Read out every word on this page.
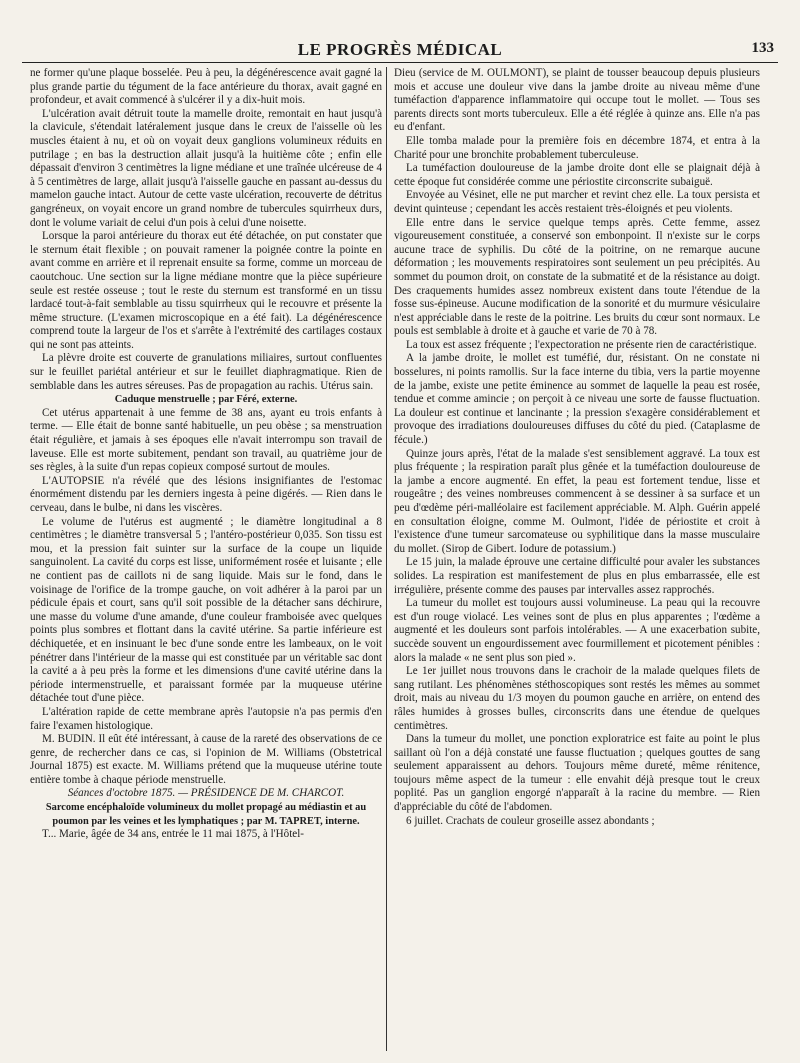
LE PROGRÈS MÉDICAL	133

ne former qu'une plaque bosselée. Peu à peu, la dégénérescence avait gagné la plus grande partie du tégument de la face antérieure du thorax, avait gagné en profondeur, et avait commencé à s'ulcérer il y a dix-huit mois.

L'ulcération avait détruit toute la mamelle droite, remontait en haut jusqu'à la clavicule, s'étendait latéralement jusque dans le creux de l'aisselle où les muscles étaient à nu, et où on voyait deux ganglions volumineux réduits en putrilage ; en bas la destruction allait jusqu'à la huitième côte ; enfin elle dépassait d'environ 3 centimètres la ligne médiane et une traînée ulcéreuse de 4 à 5 centimètres de large, allait jusqu'à l'aisselle gauche en passant au-dessus du mamelon gauche intact. Autour de cette vaste ulcération, recouverte de détritus gangréneux, on voyait encore un grand nombre de tubercules squirrheux durs, dont le volume variait de celui d'un pois à celui d'une noisette.

Lorsque la paroi antérieure du thorax eut été détachée, on put constater que le sternum était flexible ; on pouvait ramener la poignée contre la pointe en avant comme en arrière et il reprenait ensuite sa forme, comme un morceau de caoutchouc. Une section sur la ligne médiane montre que la pièce supérieure seule est restée osseuse ; tout le reste du sternum est transformé en un tissu lardacé tout-à-fait semblable au tissu squirrheux qui le recouvre et présente la même structure. (L'examen microscopique en a été fait). La dégénérescence comprend toute la largeur de l'os et s'arrête à l'extrémité des cartilages costaux qui ne sont pas atteints.

La plèvre droite est couverte de granulations miliaires, surtout confluentes sur le feuillet pariétal antérieur et sur le feuillet diaphragmatique. Rien de semblable dans les autres séreuses. Pas de propagation au rachis. Utérus sain.

Caduque menstruelle ; par Féré, externe.

Cet utérus appartenait à une femme de 38 ans, ayant eu trois enfants à terme. — Elle était de bonne santé habituelle, un peu obèse ; sa menstruation était régulière, et jamais à ses époques elle n'avait interrompu son travail de laveuse. Elle est morte subitement, pendant son travail, au quatrième jour de ses règles, à la suite d'un repas copieux composé surtout de moules.

L'AUTOPSIE n'a révélé que des lésions insignifiantes de l'estomac énormément distendu par les derniers ingesta à peine digérés. — Rien dans le cerveau, dans le bulbe, ni dans les viscères.

Le volume de l'utérus est augmenté ; le diamètre longitudinal a 8 centimètres ; le diamètre transversal 5 ; l'antéro-postérieur 0,035. Son tissu est mou, et la pression fait suinter sur la surface de la coupe un liquide sanguinolent. La cavité du corps est lisse, uniformément rosée et luisante ; elle ne contient pas de caillots ni de sang liquide. Mais sur le fond, dans le voisinage de l'orifice de la trompe gauche, on voit adhérer à la paroi par un pédicule épais et court, sans qu'il soit possible de la détacher sans déchirure, une masse du volume d'une amande, d'une couleur framboisée avec quelques points plus sombres et flottant dans la cavité utérine. Sa partie inférieure est déchiquetée, et en insinuant le bec d'une sonde entre les lambeaux, on le voit pénétrer dans l'intérieur de la masse qui est constituée par un véritable sac dont la cavité a à peu près la forme et les dimensions d'une cavité utérine dans la période intermenstruelle, et paraissant formée par la muqueuse utérine détachée tout d'une pièce.

L'altération rapide de cette membrane après l'autopsie n'a pas permis d'en faire l'examen histologique.

M. BUDIN. Il eût été intéressant, à cause de la rareté des observations de ce genre, de rechercher dans ce cas, si l'opinion de M. Williams (Obstetrical Journal 1875) est exacte. M. Williams prétend que la muqueuse utérine toute entière tombe à chaque période menstruelle.

Séances d'octobre 1875. — PRÉSIDENCE DE M. CHARCOT.

Sarcome encéphaloïde volumineux du mollet propagé au médiastin et au poumon par les veines et les lymphatiques ; par M. TAPRET, interne.

T... Marie, âgée de 34 ans, entrée le 11 mai 1875, à l'Hôtel-

Dieu (service de M. OULMONT), se plaint de tousser beaucoup depuis plusieurs mois et accuse une douleur vive dans la jambe droite au niveau même d'une tuméfaction d'apparence inflammatoire qui occupe tout le mollet. — Tous ses parents directs sont morts tuberculeux. Elle a été réglée à quinze ans. Elle n'a pas eu d'enfant.

Elle tomba malade pour la première fois en décembre 1874, et entra à la Charité pour une bronchite probablement tuberculeuse.

La tuméfaction douloureuse de la jambe droite dont elle se plaignait déjà à cette époque fut considérée comme une périostite circonscrite subaiguë.

Envoyée au Vésinet, elle ne put marcher et revint chez elle. La toux persista et devint quinteuse ; cependant les accès restaient très-éloignés et peu violents.

Elle entre dans le service quelque temps après. Cette femme, assez vigoureusement constituée, a conservé son embonpoint. Il n'existe sur le corps aucune trace de syphilis. Du côté de la poitrine, on ne remarque aucune déformation ; les mouvements respiratoires sont seulement un peu précipités. Au sommet du poumon droit, on constate de la submatité et de la résistance au doigt. Des craquements humides assez nombreux existent dans toute l'étendue de la fosse sus-épineuse. Aucune modification de la sonorité et du murmure vésiculaire n'est appréciable dans le reste de la poitrine. Les bruits du cœur sont normaux. Le pouls est semblable à droite et à gauche et varie de 70 à 78.

La toux est assez fréquente ; l'expectoration ne présente rien de caractéristique.

A la jambe droite, le mollet est tuméfié, dur, résistant. On ne constate ni bosselures, ni points ramollis. Sur la face interne du tibia, vers la partie moyenne de la jambe, existe une petite éminence au sommet de laquelle la peau est rosée, tendue et comme amincie ; on perçoit à ce niveau une sorte de fausse fluctuation. La douleur est continue et lancinante ; la pression s'exagère considérablement et provoque des irradiations douloureuses diffuses du côté du pied. (Cataplasme de fécule.)

Quinze jours après, l'état de la malade s'est sensiblement aggravé. La toux est plus fréquente ; la respiration paraît plus gênée et la tuméfaction douloureuse de la jambe a encore augmenté. En effet, la peau est fortement tendue, lisse et rougeâtre ; des veines nombreuses commencent à se dessiner à sa surface et un peu d'œdème péri-malléolaire est facilement appréciable. M. Alph. Guérin appelé en consultation éloigne, comme M. Oulmont, l'idée de périostite et croit à l'existence d'une tumeur sarcomateuse ou syphilitique dans la masse musculaire du mollet. (Sirop de Gibert. Iodure de potassium.)

Le 15 juin, la malade éprouve une certaine difficulté pour avaler les substances solides. La respiration est manifestement de plus en plus embarrassée, elle est irrégulière, présente comme des pauses par intervalles assez rapprochés.

La tumeur du mollet est toujours aussi volumineuse. La peau qui la recouvre est d'un rouge violacé. Les veines sont de plus en plus apparentes ; l'œdème a augmenté et les douleurs sont parfois intolérables. — A une exacerbation subite, succède souvent un engourdissement avec fourmillement et picotement pénibles : alors la malade « ne sent plus son pied ».

Le 1er juillet nous trouvons dans le crachoir de la malade quelques filets de sang rutilant. Les phénomènes stéthoscopiques sont restés les mêmes au sommet droit, mais au niveau du 1/3 moyen du poumon gauche en arrière, on entend des râles humides à grosses bulles, circonscrits dans une étendue de quelques centimètres.

Dans la tumeur du mollet, une ponction exploratrice est faite au point le plus saillant où l'on a déjà constaté une fausse fluctuation ; quelques gouttes de sang seulement apparaissent au dehors. Toujours même dureté, même rénitence, toujours même aspect de la tumeur : elle envahit déjà presque tout le creux poplité. Pas un ganglion engorgé n'apparaît à la racine du membre. — Rien d'appréciable du côté de l'abdomen.

6 juillet. Crachats de couleur groseille assez abondants ;
